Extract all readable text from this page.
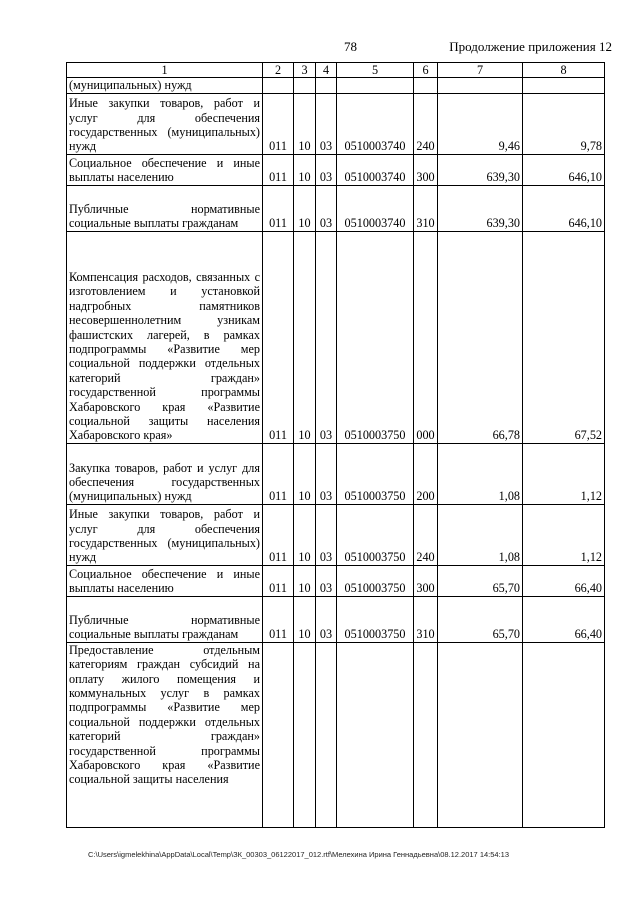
78	Продолжение приложения 12
1	2	3	4	5	6	7	8
(муниципальных) нужд							
Иные закупки товаров, работ и услуг для обеспечения государственных (муниципальных) нужд	011	10	03	0510003740	240	9,46	9,78
Социальное обеспечение и иные выплаты населению	011	10	03	0510003740	300	639,30	646,10
Публичные нормативные социальные выплаты гражданам	011	10	03	0510003740	310	639,30	646,10
Компенсация расходов, связанных с изготовлением и установкой надгробных памятников несовершеннолетним узникам фашистских лагерей, в рамках подпрограммы «Развитие мер социальной поддержки отдельных категорий граждан» государственной программы Хабаровского края «Развитие социальной защиты населения Хабаровского края»	011	10	03	0510003750	000	66,78	67,52
Закупка товаров, работ и услуг для обеспечения государственных (муниципальных) нужд	011	10	03	0510003750	200	1,08	1,12
Иные закупки товаров, работ и услуг для обеспечения государственных (муниципальных) нужд	011	10	03	0510003750	240	1,08	1,12
Социальное обеспечение и иные выплаты населению	011	10	03	0510003750	300	65,70	66,40
Публичные нормативные социальные выплаты гражданам	011	10	03	0510003750	310	65,70	66,40
Предоставление отдельным категориям граждан субсидий на оплату жилого помещения и коммунальных услуг в рамках подпрограммы «Развитие мер социальной поддержки отдельных категорий граждан» государственной программы Хабаровского края «Развитие социальной защиты населения							
C:\Users\igmelekhina\AppData\Local\Temp\ЗК_00303_06122017_012.rtf\Мелехина Ирина Геннадьевна\08.12.2017 14:54:13
